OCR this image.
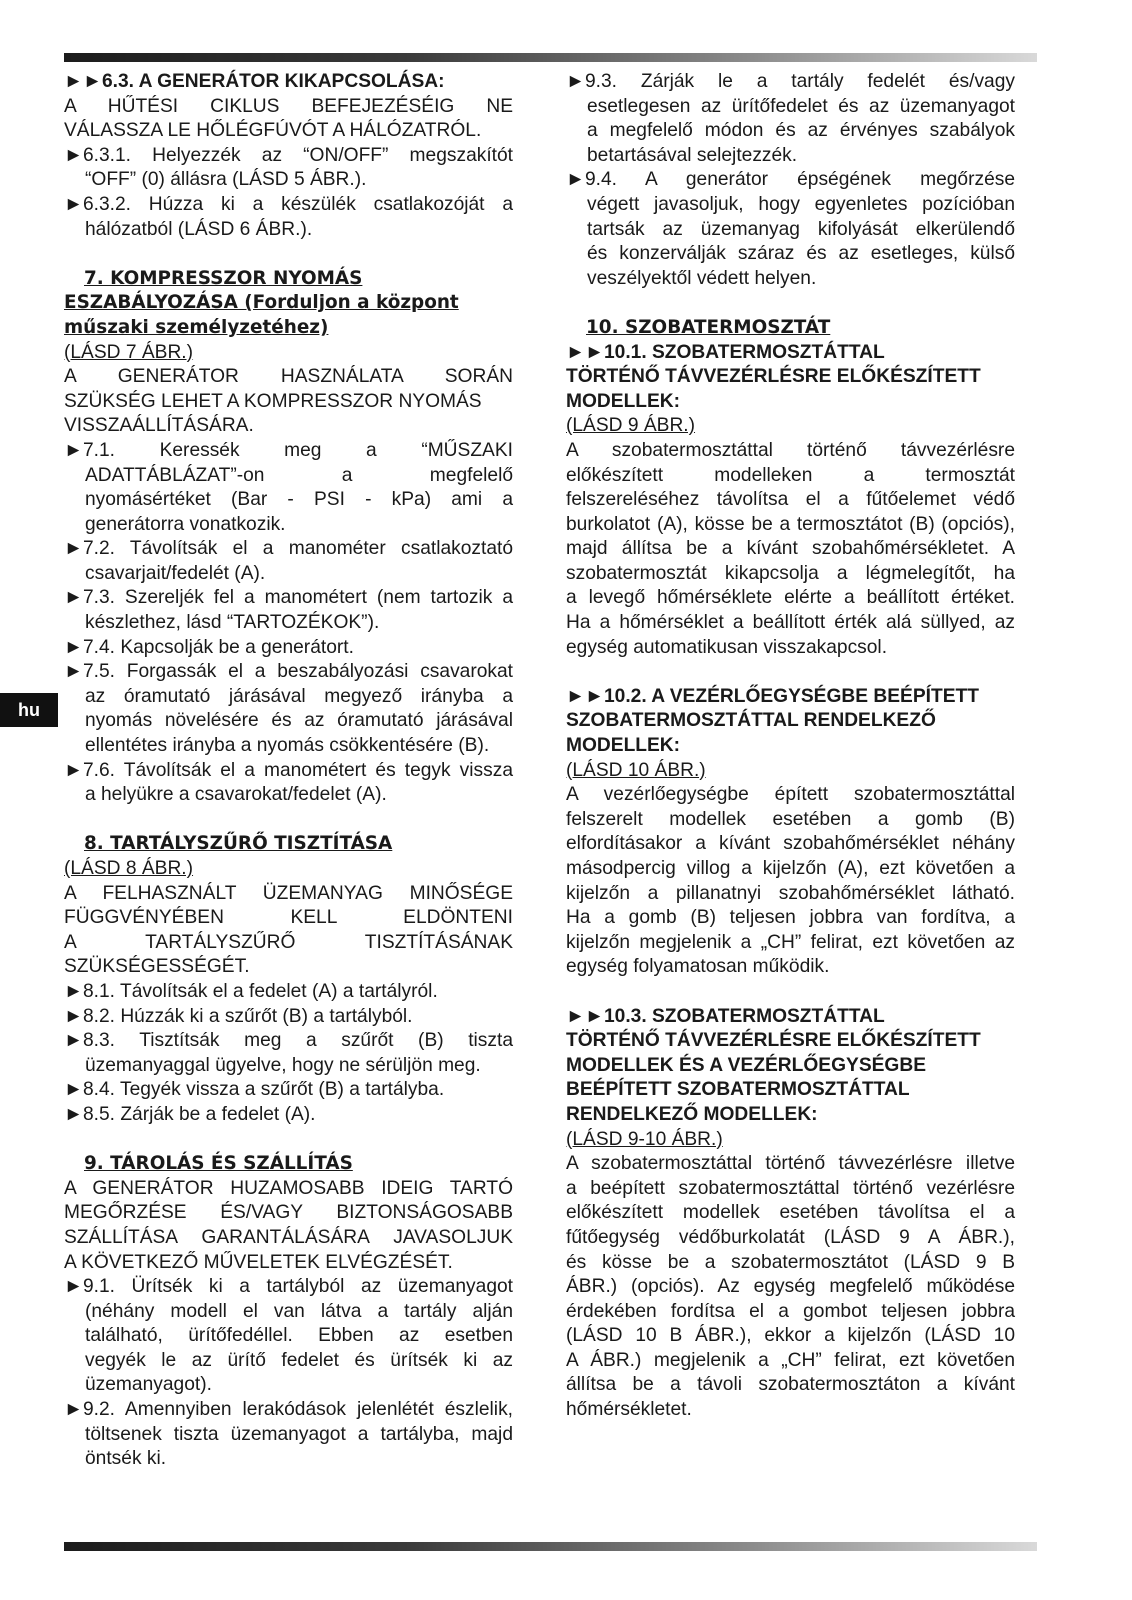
hu
►►6.3. A GENERÁTOR KIKAPCSOLÁSA:
A HŰTÉSI CIKLUS BEFEJEZÉSÉIG NE
VÁLASSZA LE HŐLÉGFÚVÓT A HÁLÓZATRÓL.
►6.3.1. Helyezzék az “ON/OFF” megszakítót
“OFF” (0) állásra (LÁSD 5 ÁBR.).
►6.3.2. Húzza ki a készülék csatlakozóját a
hálózatból (LÁSD 6 ÁBR.).
7. KOMPRESSZOR NYOMÁS
ESZABÁLYOZÁSA (Forduljon a központ
műszaki személyzetéhez)
(LÁSD 7 ÁBR.)
A GENERÁTOR HASZNÁLATA SORÁN
SZÜKSÉG LEHET A KOMPRESSZOR NYOMÁS
VISSZAÁLLÍTÁSÁRA.
►7.1. Keressék meg a “MŰSZAKI
ADATTÁBLÁZAT”-on a megfelelő
nyomásértéket (Bar - PSI - kPa) ami a
generátorra vonatkozik.
►7.2. Távolítsák el a manométer csatlakoztató
csavarjait/fedelét (A).
►7.3. Szereljék fel a manométert (nem tartozik a
készlethez, lásd “TARTOZÉKOK”).
►7.4. Kapcsolják be a generátort.
►7.5. Forgassák el a beszabályozási csavarokat
az óramutató járásával megyező irányba a
nyomás növelésére és az óramutató járásával
ellentétes irányba a nyomás csökkentésére (B).
►7.6. Távolítsák el a manométert és tegyk vissza
a helyükre a csavarokat/fedelet (A).
8. TARTÁLYSZŰRŐ TISZTÍTÁSA
(LÁSD 8 ÁBR.)
A FELHASZNÁLT ÜZEMANYAG MINŐSÉGE
FÜGGVÉNYÉBEN KELL ELDÖNTENI
A TARTÁLYSZŰRŐ TISZTÍTÁSÁNAK
SZÜKSÉGESSÉGÉT.
►8.1. Távolítsák el a fedelet (A) a tartályról.
►8.2. Húzzák ki a szűrőt (B) a tartályból.
►8.3. Tisztítsák meg a szűrőt (B) tiszta
üzemanyaggal ügyelve, hogy ne sérüljön meg.
►8.4. Tegyék vissza a szűrőt (B) a tartályba.
►8.5. Zárják be a fedelet (A).
9. TÁROLÁS ÉS SZÁLLÍTÁS
A GENERÁTOR HUZAMOSABB IDEIG TARTÓ
MEGŐRZÉSE ÉS/VAGY BIZTONSÁGOSABB
SZÁLLÍTÁSA GARANTÁLÁSÁRA JAVASOLJUK
A KÖVETKEZŐ MŰVELETEK ELVÉGZÉSÉT.
►9.1. Ürítsék ki a tartályból az üzemanyagot
(néhány modell el van látva a tartály alján
található, ürítőfedéllel. Ebben az esetben
vegyék le az ürítő fedelet és ürítsék ki az
üzemanyagot).
►9.2. Amennyiben lerakódások jelenlétét észlelik,
töltsenek tiszta üzemanyagot a tartályba, majd
öntsék ki.
►9.3. Zárják le a tartály fedelét és/vagy
esetlegesen az ürítőfedelet és az üzemanyagot
a megfelelő módon és az érvényes szabályok
betartásával selejtezzék.
►9.4. A generátor épségének megőrzése
végett javasoljuk, hogy egyenletes pozícióban
tartsák az üzemanyag kifolyását elkerülendő
és konzerválják száraz és az esetleges, külső
veszélyektől védett helyen.
10. SZOBATERMOSZTÁT
►►10.1. SZOBATERMOSZTÁTTAL
TÖRTÉNŐ TÁVVEZÉRLÉSRE ELŐKÉSZÍTETT
MODELLEK:
(LÁSD 9 ÁBR.)
A szobatermosztáttal történő távvezérlésre
előkészített modelleken a termosztát
felszereléséhez távolítsa el a fűtőelemet védő
burkolatot (A), kösse be a termosztátot (B) (opciós),
majd állítsa be a kívánt szobahőmérsékletet. A
szobatermosztát kikapcsolja a légmelegítőt, ha
a levegő hőmérséklete elérte a beállított értéket.
Ha a hőmérséklet a beállított érték alá süllyed, az
egység automatikusan visszakapcsol.
►►10.2. A VEZÉRLŐEGYSÉGBE BEÉPÍTETT
SZOBATERMOSZTÁTTAL RENDELKEZŐ
MODELLEK:
(LÁSD 10 ÁBR.)
A vezérlőegységbe épített szobatermosztáttal
felszerelt modellek esetében a gomb (B)
elfordításakor a kívánt szobahőmérséklet néhány
másodpercig villog a kijelzőn (A), ezt követően a
kijelzőn a pillanatnyi szobahőmérséklet látható.
Ha a gomb (B) teljesen jobbra van fordítva, a
kijelzőn megjelenik a „CH” felirat, ezt követően az
egység folyamatosan működik.
►►10.3. SZOBATERMOSZTÁTTAL
TÖRTÉNŐ TÁVVEZÉRLÉSRE ELŐKÉSZÍTETT
MODELLEK ÉS A VEZÉRLŐEGYSÉGBE
BEÉPÍTETT SZOBATERMOSZTÁTTAL
RENDELKEZŐ MODELLEK:
(LÁSD 9-10 ÁBR.)
A szobatermosztáttal történő távvezérlésre illetve
a beépített szobatermosztáttal történő vezérlésre
előkészített modellek esetében távolítsa el a
fűtőegység védőburkolatát (LÁSD 9 A ÁBR.),
és kösse be a szobatermosztátot (LÁSD 9 B
ÁBR.) (opciós). Az egység megfelelő működése
érdekében fordítsa el a gombot teljesen jobbra
(LÁSD 10 B ÁBR.), ekkor a kijelzőn (LÁSD 10
A ÁBR.) megjelenik a „CH” felirat, ezt követően
állítsa be a távoli szobatermosztáton a kívánt
hőmérsékletet.
